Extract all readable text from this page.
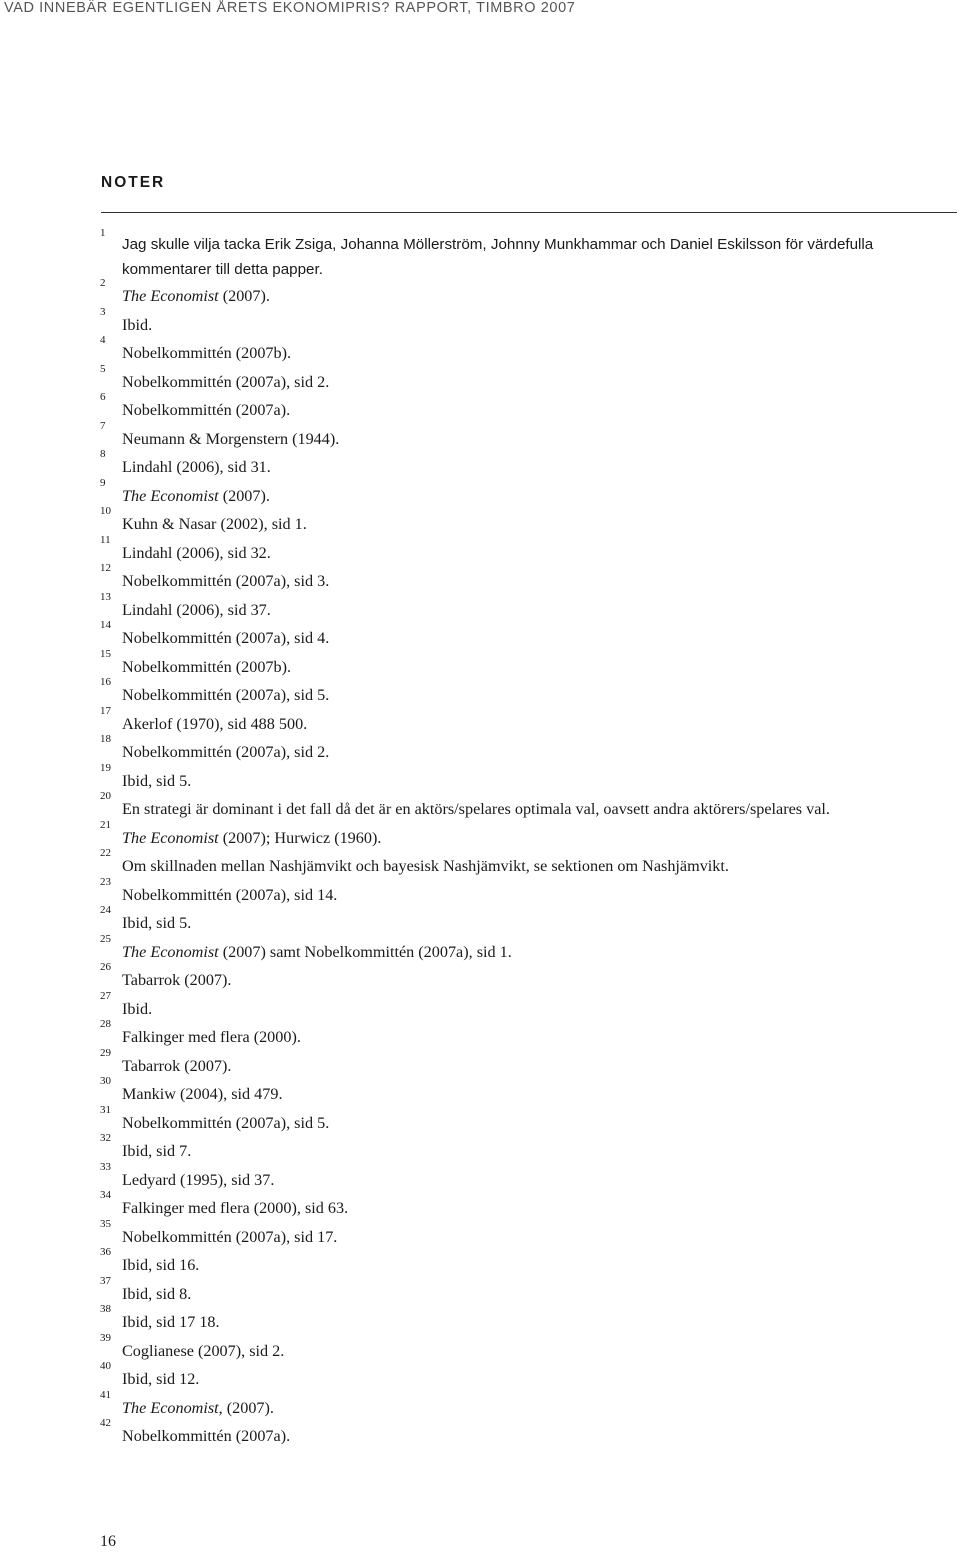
VAD INNEBÄR EGENTLIGEN ÅRETS EKONOMIPRIS? RAPPORT, TIMBRO 2007
NOTER
1
Jag skulle vilja tacka Erik Zsiga, Johanna Möllerström, Johnny Munkhammar och Daniel Eskilsson för värdefulla kommentarer till detta papper.
2
The Economist (2007).
3
Ibid.
4
Nobelkommittén (2007b).
5
Nobelkommittén (2007a), sid 2.
6
Nobelkommittén (2007a).
7
Neumann & Morgenstern (1944).
8
Lindahl (2006), sid 31.
9
The Economist (2007).
10
Kuhn & Nasar (2002), sid 1.
11
Lindahl (2006), sid 32.
12
Nobelkommittén (2007a), sid 3.
13
Lindahl (2006), sid 37.
14
Nobelkommittén (2007a), sid 4.
15
Nobelkommittén (2007b).
16
Nobelkommittén (2007a), sid 5.
17
Akerlof (1970), sid 488 500.
18
Nobelkommittén (2007a), sid 2.
19
Ibid, sid 5.
20
En strategi är dominant i det fall då det är en aktörs/spelares optimala val, oavsett andra aktörers/spelares val.
21
The Economist (2007); Hurwicz (1960).
22
Om skillnaden mellan Nashjämvikt och bayesisk Nashjämvikt, se sektionen om Nashjämvikt.
23
Nobelkommittén (2007a), sid 14.
24
Ibid, sid 5.
25
The Economist (2007) samt Nobelkommittén (2007a), sid 1.
26
Tabarrok (2007).
27
Ibid.
28
Falkinger med flera (2000).
29
Tabarrok (2007).
30
Mankiw (2004), sid 479.
31
Nobelkommittén (2007a), sid 5.
32
Ibid, sid 7.
33
Ledyard (1995), sid 37.
34
Falkinger med flera (2000), sid 63.
35
Nobelkommittén (2007a), sid 17.
36
Ibid, sid 16.
37
Ibid, sid 8.
38
Ibid, sid 17 18.
39
Coglianese (2007), sid 2.
40
Ibid, sid 12.
41
The Economist, (2007).
42
Nobelkommittén (2007a).
16
